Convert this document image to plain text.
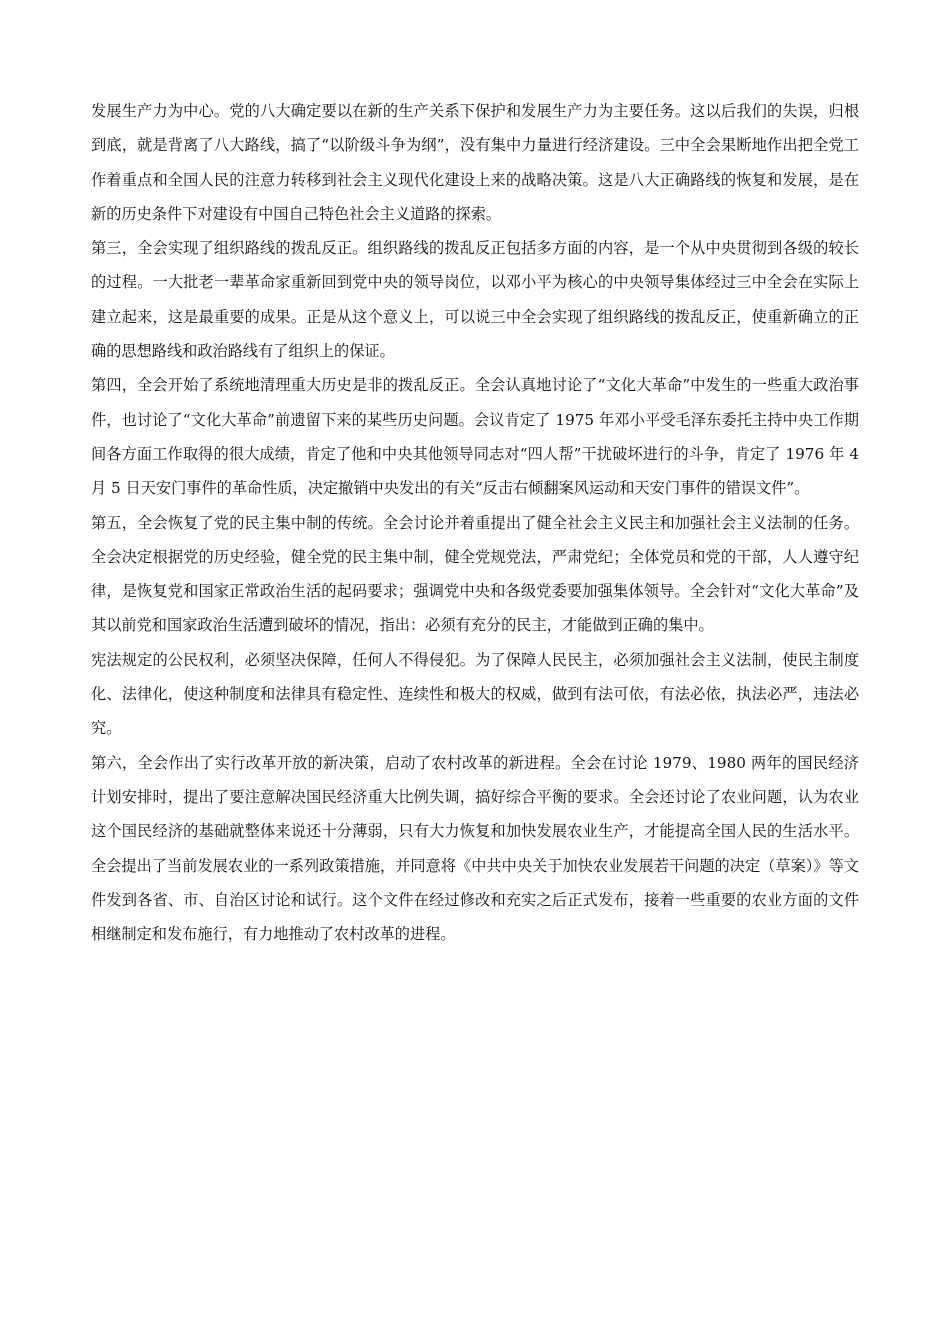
发展生产力为中心。党的八大确定要以在新的生产关系下保护和发展生产力为主要任务。这以后我们的失误，归根到底，就是背离了八大路线，搞了“以阶级斗争为纲”，没有集中力量进行经济建设。三中全会果断地作出把全党工作着重点和全国人民的注意力转移到社会主义现代化建设上来的战略决策。这是八大正确路线的恢复和发展，是在新的历史条件下对建设有中国自己特色社会主义道路的探索。

第三，全会实现了组织路线的拨乱反正。组织路线的拨乱反正包括多方面的内容，是一个从中央贯彻到各级的较长的过程。一大批老一辈革命家重新回到党中央的领导岗位，以邓小平为核心的中央领导集体经过三中全会在实际上建立起来，这是最重要的成果。正是从这个意义上，可以说三中全会实现了组织路线的拨乱反正，使重新确立的正确的思想路线和政治路线有了组织上的保证。

第四，全会开始了系统地清理重大历史是非的拨乱反正。全会认真地讨论了“文化大革命”中发生的一些重大政治事件，也讨论了“文化大革命”前遗留下来的某些历史问题。会议肯定了 1975 年邓小平受毛泽东委托主持中央工作期间各方面工作取得的很大成绩，肯定了他和中央其他领导同志对“四人帮”干扰破坏进行的斗争，肯定了 1976 年 4 月 5 日天安门事件的革命性质，决定撤销中央发出的有关“反击右倾翻案风运动和天安门事件的错误文件”。

第五，全会恢复了党的民主集中制的传统。全会讨论并着重提出了健全社会主义民主和加强社会主义法制的任务。全会决定根据党的历史经验，健全党的民主集中制，健全党规党法，严肃党纪；全体党员和党的干部，人人遵守纪律，是恢复党和国家正常政治生活的起码要求；强调党中央和各级党委要加强集体领导。全会针对“文化大革命”及其以前党和国家政治生活遭到破坏的情况，指出：必须有充分的民主，才能做到正确的集中。

宪法规定的公民权利，必须坚决保障，任何人不得侵犯。为了保障人民民主，必须加强社会主义法制，使民主制度化、法律化，使这种制度和法律具有稳定性、连续性和极大的权威，做到有法可依，有法必依，执法必严，违法必究。

第六，全会作出了实行改革开放的新决策，启动了农村改革的新进程。全会在讨论 1979、1980 两年的国民经济计划安排时，提出了要注意解决国民经济重大比例失调，搞好综合平衡的要求。全会还讨论了农业问题，认为农业这个国民经济的基础就整体来说还十分薄弱，只有大力恢复和加快发展农业生产，才能提高全国人民的生活水平。全会提出了当前发展农业的一系列政策措施，并同意将《中共中央关于加快农业发展若干问题的决定（草案）》等文件发到各省、市、自治区讨论和试行。这个文件在经过修改和充实之后正式发布，接着一些重要的农业方面的文件相继制定和发布施行，有力地推动了农村改革的进程。
